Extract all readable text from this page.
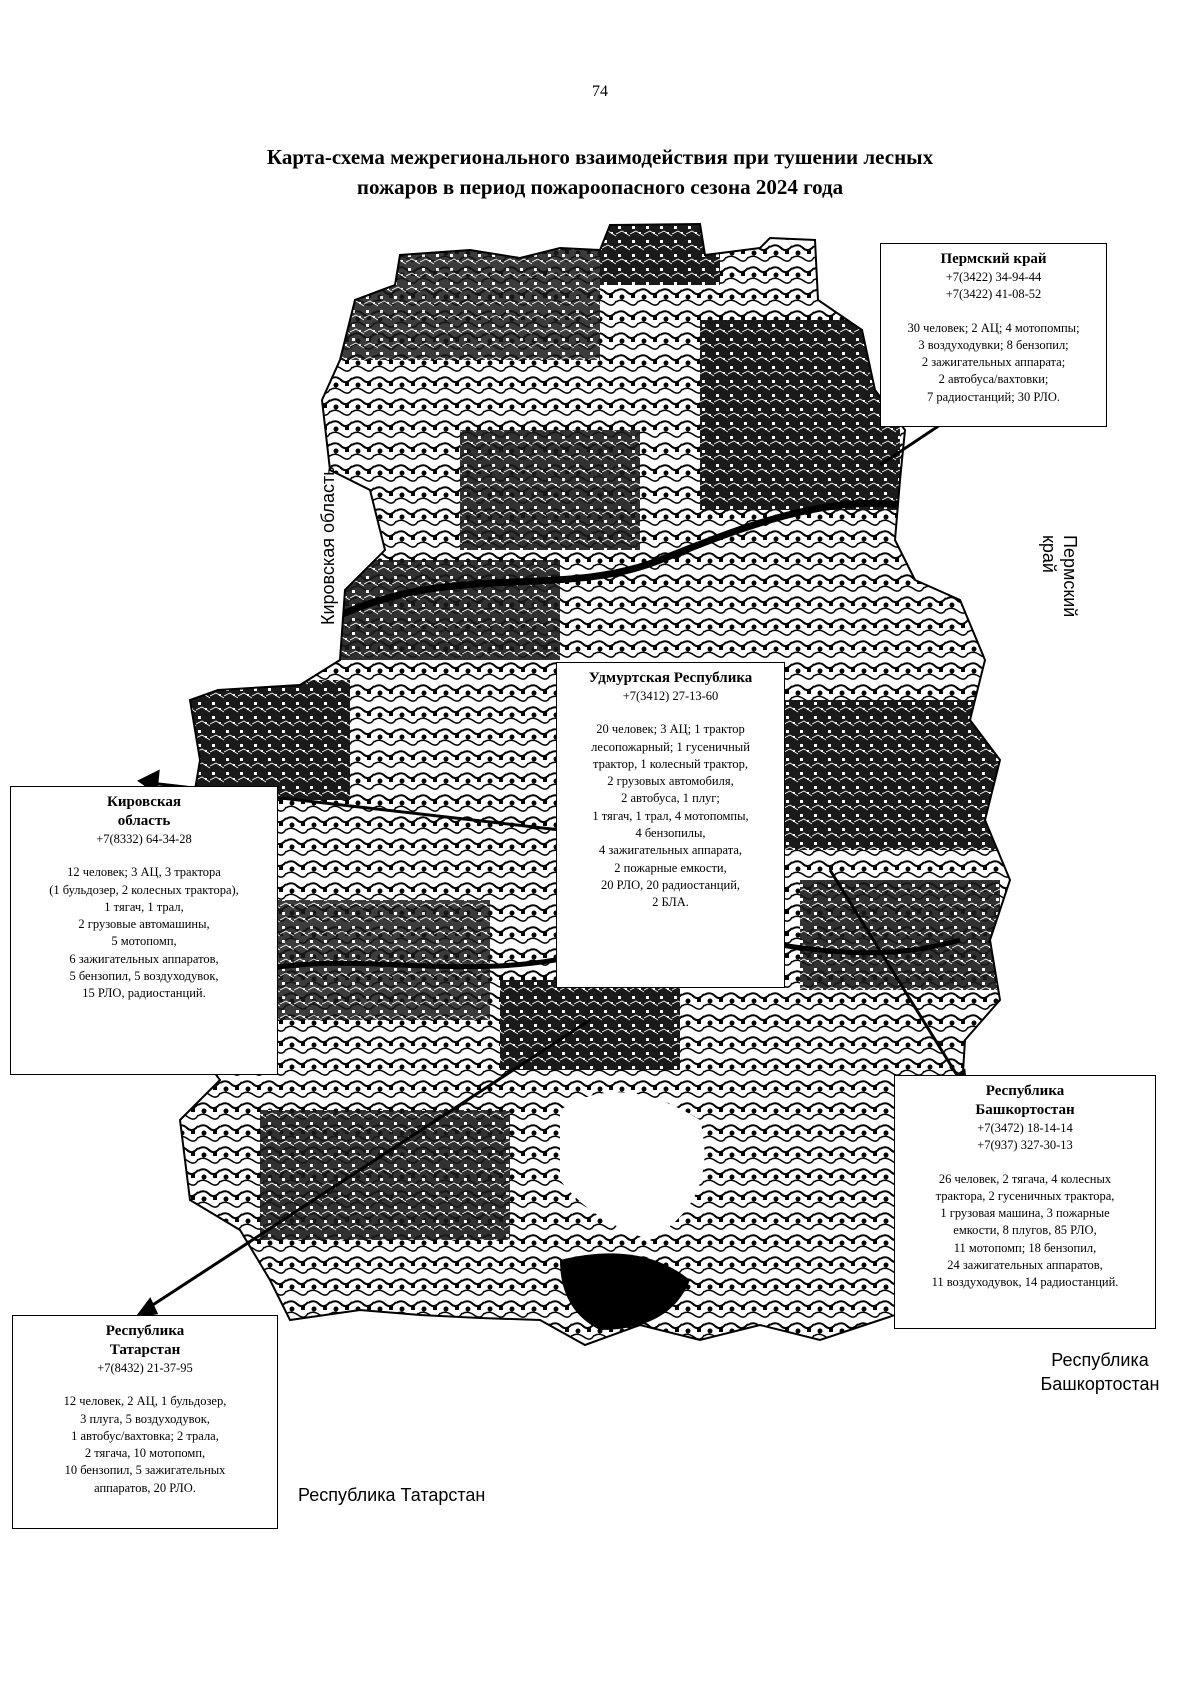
74
Карта-схема межрегионального взаимодействия при тушении лесных
пожаров в период пожароопасного сезона 2024 года
Кировская область	Пермский край
Республика
Башкортостан
Республика Татарстан
Пермский край
+7(3422) 34-94-44
+7(3422) 41-08-52
30 человек; 2 АЦ; 4 мотопомпы;
3 воздуходувки; 8 бензопил;
2 зажигательных аппарата;
2 автобуса/вахтовки;
7 радиостанций; 30 РЛО.
Удмуртская Республика
+7(3412) 27-13-60
20 человек; 3 АЦ; 1 трактор
лесопожарный; 1 гусеничный
трактор, 1 колесный трактор,
2 грузовых автомобиля,
2 автобуса, 1 плуг;
1 тягач, 1 трал, 4 мотопомпы,
4 бензопилы,
4 зажигательных аппарата,
2 пожарные емкости,
20 РЛО, 20 радиостанций,
2 БЛА.
Кировская
область
+7(8332) 64-34-28
12 человек; 3 АЦ, 3 трактора
(1 бульдозер, 2 колесных трактора),
1 тягач, 1 трал,
2 грузовые автомашины,
5 мотопомп,
6 зажигательных аппаратов,
5 бензопил, 5 воздуходувок,
15 РЛО, радиостанций.
Республика
Башкортостан
+7(3472) 18-14-14
+7(937) 327-30-13
26 человек, 2 тягача, 4 колесных
трактора, 2 гусеничных трактора,
1 грузовая машина, 3 пожарные
емкости, 8 плугов, 85 РЛО,
11 мотопомп; 18 бензопил,
24 зажигательных аппаратов,
11 воздуходувок, 14 радиостанций.
Республика
Татарстан
+7(8432) 21-37-95
12 человек, 2 АЦ, 1 бульдозер,
3 плуга, 5 воздуходувок,
1 автобус/вахтовка; 2 трала,
2 тягача, 10 мотопомп,
10 бензопил, 5 зажигательных
аппаратов, 20 РЛО.
